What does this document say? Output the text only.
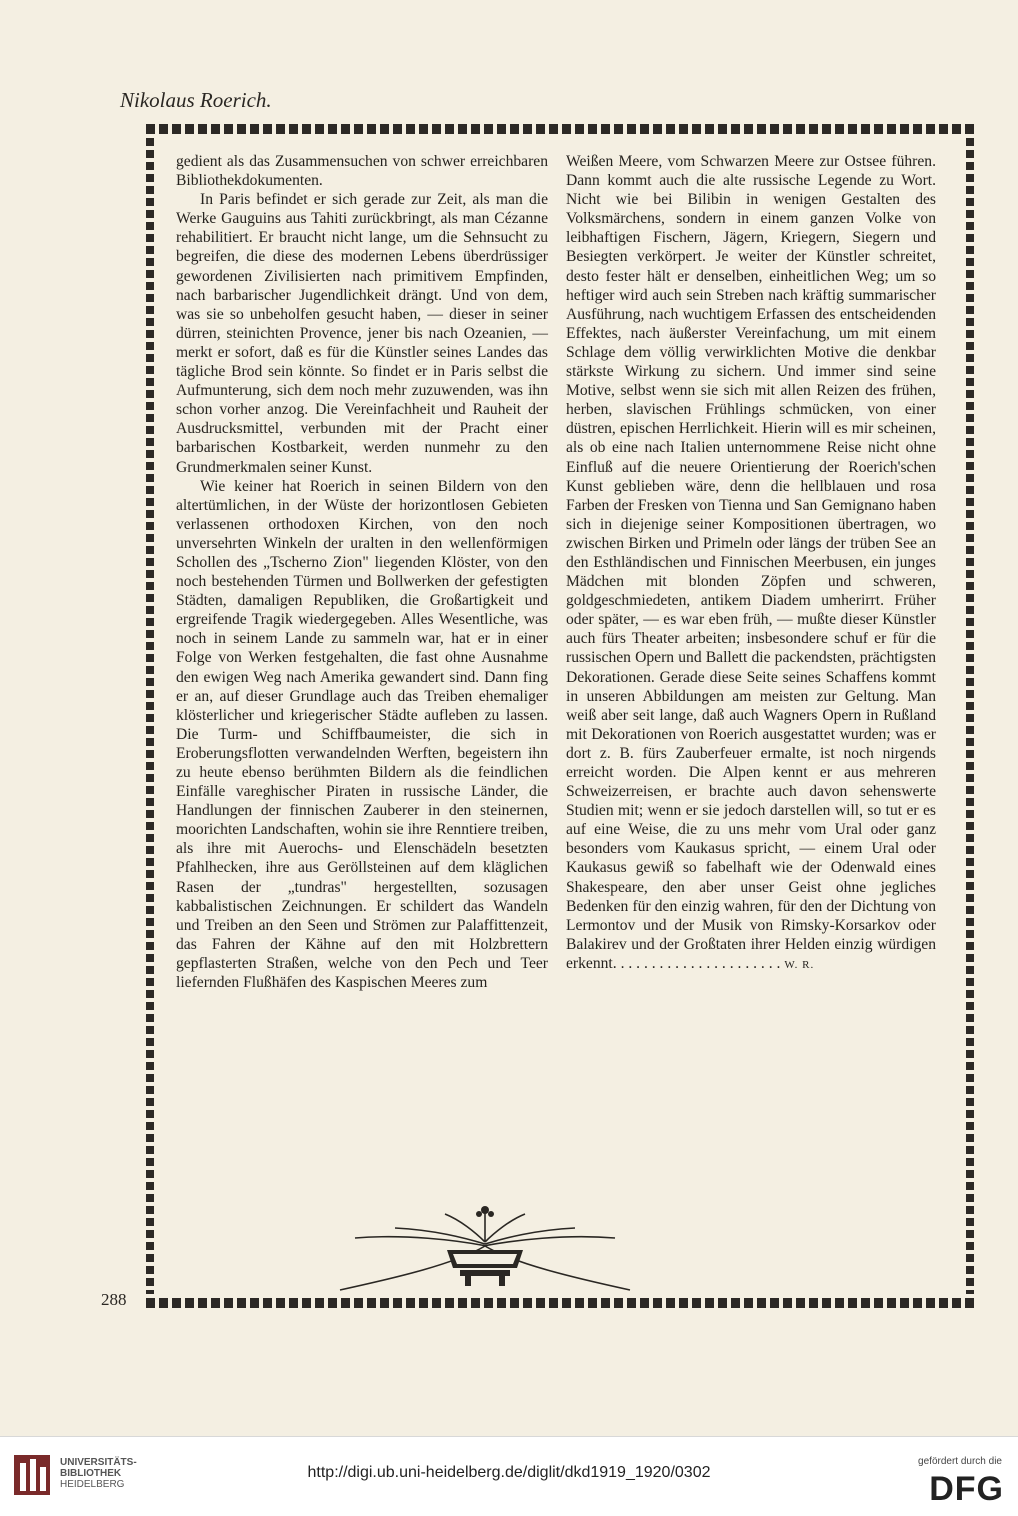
Nikolaus Roerich.
288

gedient als das Zusammensuchen von schwer erreichbaren Bibliothekdokumenten.

In Paris befindet er sich gerade zur Zeit, als man die Werke Gauguins aus Tahiti zurückbringt, als man Cézanne rehabilitiert. Er braucht nicht lange, um die Sehnsucht zu begreifen, die diese des modernen Lebens überdrüssiger gewordenen Zivilisierten nach primitivem Empfinden, nach barbarischer Jugendlichkeit drängt. Und von dem, was sie so unbeholfen gesucht haben, — dieser in seiner dürren, steinichten Provence, jener bis nach Ozeanien, — merkt er sofort, daß es für die Künstler seines Landes das tägliche Brod sein könnte. So findet er in Paris selbst die Aufmunterung, sich dem noch mehr zuzuwenden, was ihn schon vorher anzog. Die Vereinfachheit und Rauheit der Ausdrucksmittel, verbunden mit der Pracht einer barbarischen Kostbarkeit, werden nunmehr zu den Grundmerkmalen seiner Kunst.

Wie keiner hat Roerich in seinen Bildern von den altertümlichen, in der Wüste der horizontlosen Gebieten verlassenen orthodoxen Kirchen, von den noch unversehrten Winkeln der uralten in den wellenförmigen Schollen des „Tscherno Zion" liegenden Klöster, von den noch bestehenden Türmen und Bollwerken der gefestigten Städten, damaligen Republiken, die Großartigkeit und ergreifende Tragik wiedergegeben. Alles Wesentliche, was noch in seinem Lande zu sammeln war, hat er in einer Folge von Werken festgehalten, die fast ohne Ausnahme den ewigen Weg nach Amerika gewandert sind. Dann fing er an, auf dieser Grundlage auch das Treiben ehemaliger klösterlicher und kriegerischer Städte aufleben zu lassen. Die Turm- und Schiffbaumeister, die sich in Eroberungsflotten verwandelnden Werften, begeistern ihn zu heute ebenso berühmten Bildern als die feindlichen Einfälle vareghischer Piraten in russische Länder, die Handlungen der finnischen Zauberer in den steinernen, moorichten Landschaften, wohin sie ihre Renntiere treiben, als ihre mit Auerochs- und Elenschädeln besetzten Pfahlhecken, ihre aus Geröllsteinen auf dem kläglichen Rasen der „tundras" hergestellten, sozusagen kabbalistischen Zeichnungen. Er schildert das Wandeln und Treiben an den Seen und Strömen zur Palaffittenzeit, das Fahren der Kähne auf den mit Holzbrettern gepflasterten Straßen, welche von den Pech und Teer liefernden Flußhäfen des Kaspischen Meeres zum

Weißen Meere, vom Schwarzen Meere zur Ostsee führen. Dann kommt auch die alte russische Legende zu Wort. Nicht wie bei Bilibin in wenigen Gestalten des Volksmärchens, sondern in einem ganzen Volke von leibhaftigen Fischern, Jägern, Kriegern, Siegern und Besiegten verkörpert. Je weiter der Künstler schreitet, desto fester hält er denselben, einheitlichen Weg; um so heftiger wird auch sein Streben nach kräftig summarischer Ausführung, nach wuchtigem Erfassen des entscheidenden Effektes, nach äußerster Vereinfachung, um mit einem Schlage dem völlig verwirklichten Motive die denkbar stärkste Wirkung zu sichern. Und immer sind seine Motive, selbst wenn sie sich mit allen Reizen des frühen, herben, slavischen Frühlings schmücken, von einer düstren, epischen Herrlichkeit. Hierin will es mir scheinen, als ob eine nach Italien unternommene Reise nicht ohne Einfluß auf die neuere Orientierung der Roerich'schen Kunst geblieben wäre, denn die hellblauen und rosa Farben der Fresken von Tienna und San Gemignano haben sich in diejenige seiner Kompositionen übertragen, wo zwischen Birken und Primeln oder längs der trüben See an den Esthländischen und Finnischen Meerbusen, ein junges Mädchen mit blonden Zöpfen und schweren, goldgeschmiedeten, antikem Diadem umherirrt. Früher oder später, — es war eben früh, — mußte dieser Künstler auch fürs Theater arbeiten; insbesondere schuf er für die russischen Opern und Ballett die packendsten, prächtigsten Dekorationen. Gerade diese Seite seines Schaffens kommt in unseren Abbildungen am meisten zur Geltung. Man weiß aber seit lange, daß auch Wagners Opern in Rußland mit Dekorationen von Roerich ausgestattet wurden; was er dort z. B. fürs Zauberfeuer ermalte, ist noch nirgends erreicht worden. Die Alpen kennt er aus mehreren Schweizerreisen, er brachte auch davon sehenswerte Studien mit; wenn er sie jedoch darstellen will, so tut er es auf eine Weise, die zu uns mehr vom Ural oder ganz besonders vom Kaukasus spricht, — einem Ural oder Kaukasus gewiß so fabelhaft wie der Odenwald eines Shakespeare, den aber unser Geist ohne jegliches Bedenken für den einzig wahren, für den der Dichtung von Lermontov und der Musik von Rimsky-Korsarkov oder Balakirev und der Großtaten ihrer Helden einzig würdigen erkennt. . . . . . . . . . . . . . . . . . . . . . W. R.

UNIVERSITÄTS-
BIBLIOTHEK
HEIDELBERG
http://digi.ub.uni-heidelberg.de/diglit/dkd1919_1920/0302
gefördert durch die
DFG
